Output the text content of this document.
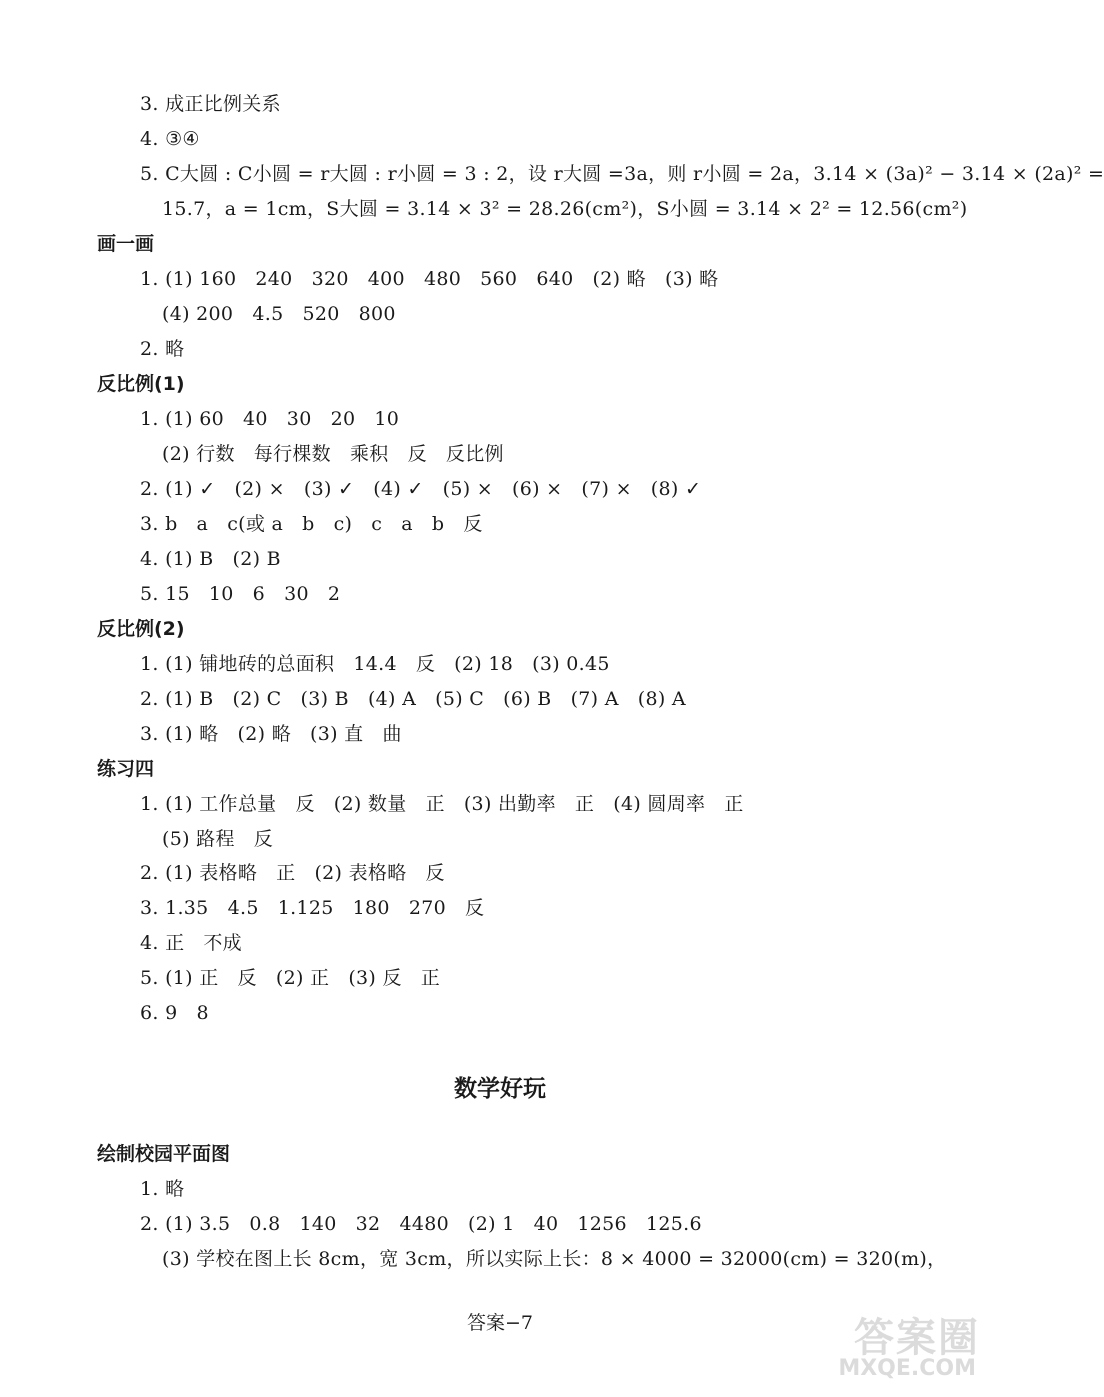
3. 成正比例关系
4. ③④
5. C大圆 : C小圆 = r大圆 : r小圆 = 3 : 2，设 r大圆 =3a，则 r小圆 = 2a，3.14 × (3a)² − 3.14 × (2a)² =
15.7，a = 1cm，S大圆 = 3.14 × 3² = 28.26(cm²)，S小圆 = 3.14 × 2² = 12.56(cm²)
画一画
1. (1) 160   240   320   400   480   560   640   (2) 略   (3) 略
(4) 200   4.5   520   800
2. 略
反比例(1)
1. (1) 60   40   30   20   10
(2) 行数   每行棵数   乘积   反   反比例
2. (1) ✓   (2) ×   (3) ✓   (4) ✓   (5) ×   (6) ×   (7) ×   (8) ✓
3. b   a   c(或 a   b   c)   c   a   b   反
4. (1) B   (2) B
5. 15   10   6   30   2
反比例(2)
1. (1) 铺地砖的总面积   14.4   反   (2) 18   (3) 0.45
2. (1) B   (2) C   (3) B   (4) A   (5) C   (6) B   (7) A   (8) A
3. (1) 略   (2) 略   (3) 直   曲
练习四
1. (1) 工作总量   反   (2) 数量   正   (3) 出勤率   正   (4) 圆周率   正
(5) 路程   反
2. (1) 表格略   正   (2) 表格略   反
3. 1.35   4.5   1.125   180   270   反
4. 正   不成
5. (1) 正   反   (2) 正   (3) 反   正
6. 9   8
数学好玩
绘制校园平面图
1. 略
2. (1) 3.5   0.8   140   32   4480   (2) 1   40   1256   125.6
(3) 学校在图上长 8cm，宽 3cm，所以实际上长：8 × 4000 = 32000(cm) = 320(m)，
答案−7	答案圈
MXQE.COM
